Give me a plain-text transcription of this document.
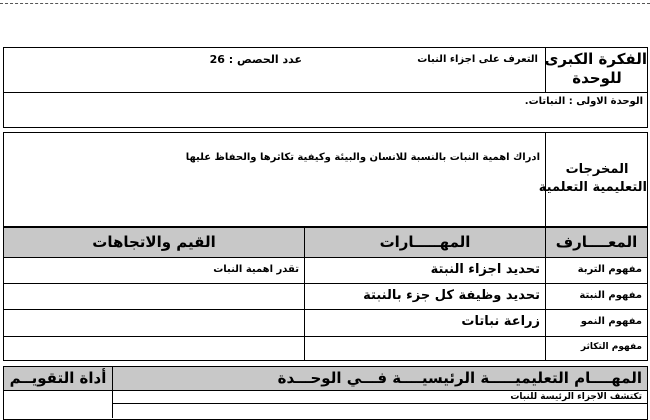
الفكرة الكبرى
للوحدة
التعرف على اجزاء النبات
عدد الحصص : 26
الوحدة الاولى : النباتات.
المخرجات
التعليمية التعلمية
ادراك اهمية النبات بالنسبة للانسان والبيئة وكيفية تكاثرها والحفاظ عليها
المعــــارف
المهـــــارات
القيم والاتجاهات
مفهوم التربة
تحديد اجزاء النبتة
تقدر اهمية النبات
مفهوم النبتة
تحديد وظيفة كل جزء بالنبتة
مفهوم النمو
زراعة نباتات
مفهوم التكاثر
المهــــام التعليميـــــة الرئيسيــــة فـــي الوحـــدة
أداة التقويــم
تكتشف الاجزاء الرئيسة للنبات
